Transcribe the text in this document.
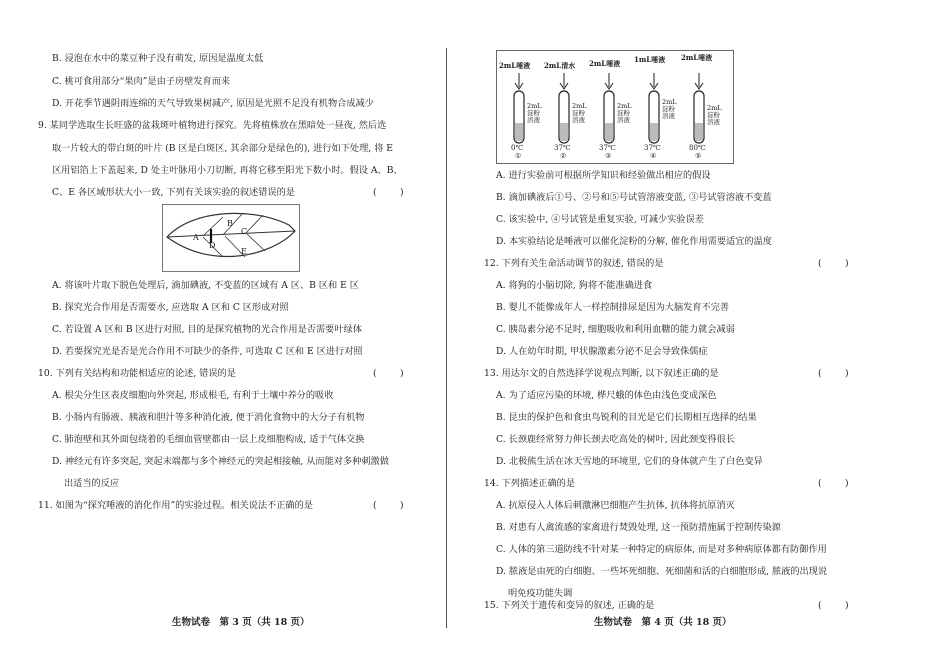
B. 浸泡在水中的菜豆种子没有萌发, 原因是温度太低
C. 桃可食用部分“果肉”是由子房壁发育而来
D. 开花季节遇阴雨连绵的天气导致果树减产, 原因是光照不足没有机物合成减少
9. 某同学选取生长旺盛的盆栽斑叶植物进行探究。先将植株放在黑暗处一昼夜, 然后选
取一片较大的带白斑的叶片 (B 区是白斑区, 其余部分是绿色的), 进行如下处理, 将 E
区用铝箔上下盖起来, D 处主叶脉用小刀切断, 再将它移至阳光下数小时。假设 A、B、
C、E 各区域形状大小一致, 下列有关该实验的叙述错误的是	(        )
A
B
C
D
E
A. 将该叶片取下脱色处理后, 滴加碘液, 不变蓝的区域有 A 区、B 区和 E 区
B. 探究光合作用是否需要水, 应选取 A 区和 C 区形成对照
C. 若设置 A 区和 B 区进行对照, 目的是探究植物的光合作用是否需要叶绿体
D. 若要探究光是否是光合作用不可缺少的条件, 可选取 C 区和 E 区进行对照
10. 下列有关结构和功能相适应的论述, 错误的是	(        )
A. 根尖分生区表皮细胞向外突起, 形成根毛, 有利于土壤中养分的吸收
B. 小肠内有肠液、胰液和胆汁等多种消化液, 便于消化食物中的大分子有机物
C. 肺泡壁和其外面包绕着的毛细血管壁都由一层上皮细胞构成, 适于气体交换
D. 神经元有许多突起, 突起末端都与多个神经元的突起相接触, 从而能对多种刺激做
出适当的反应
11. 如图为“探究唾液的消化作用”的实验过程。相关说法不正确的是	(        )
生物试卷　第 3 页（共 18 页）
2mL唾液 2mL清水 2mL唾液 1mL唾液 2mL唾液
2mL
淀粉
溶液
2mL
淀粉
溶液
2mL
淀粉
溶液
2mL
淀粉
溶液
2mL
淀粉
溶液
0℃	37℃	37℃	37℃	80℃
①	②	③	④	⑤
A. 进行实验前可根据所学知识和经验做出相应的假设
B. 滴加碘液后①号、②号和⑤号试管溶液变蓝, ③号试管溶液不变蓝
C. 该实验中, ④号试管是重复实验, 可减少实验误差
D. 本实验结论是唾液可以催化淀粉的分解, 催化作用需要适宜的温度
12. 下列有关生命活动调节的叙述, 错误的是	(        )
A. 将狗的小脑切除, 狗将不能准确进食
B. 婴儿不能像成年人一样控制排尿是因为大脑发育不完善
C. 胰岛素分泌不足时, 细胞吸收和利用血糖的能力就会减弱
D. 人在幼年时期, 甲状腺激素分泌不足会导致侏儒症
13. 用达尔文的自然选择学说观点判断, 以下叙述正确的是	(        )
A. 为了适应污染的环境, 桦尺蛾的体色由浅色变成深色
B. 昆虫的保护色和食虫鸟锐利的目光是它们长期相互选择的结果
C. 长颈鹿经常努力伸长颈去吃高处的树叶, 因此颈变得很长
D. 北极熊生活在冰天雪地的环境里, 它们的身体就产生了白色变异
14. 下列描述正确的是	(        )
A. 抗原侵入人体后刺激淋巴细胞产生抗体, 抗体将抗原消灭
B. 对患有人禽流感的家禽进行焚毁处理, 这一预防措施属于控制传染源
C. 人体的第三道防线不针对某一种特定的病原体, 而是对多种病原体都有防御作用
D. 脓液是由死的白细胞、一些坏死细胞、死细菌和活的白细胞形成, 脓液的出现说
明免疫功能失调
15. 下列关于遗传和变异的叙述, 正确的是	(        )
生物试卷　第 4 页（共 18 页）
